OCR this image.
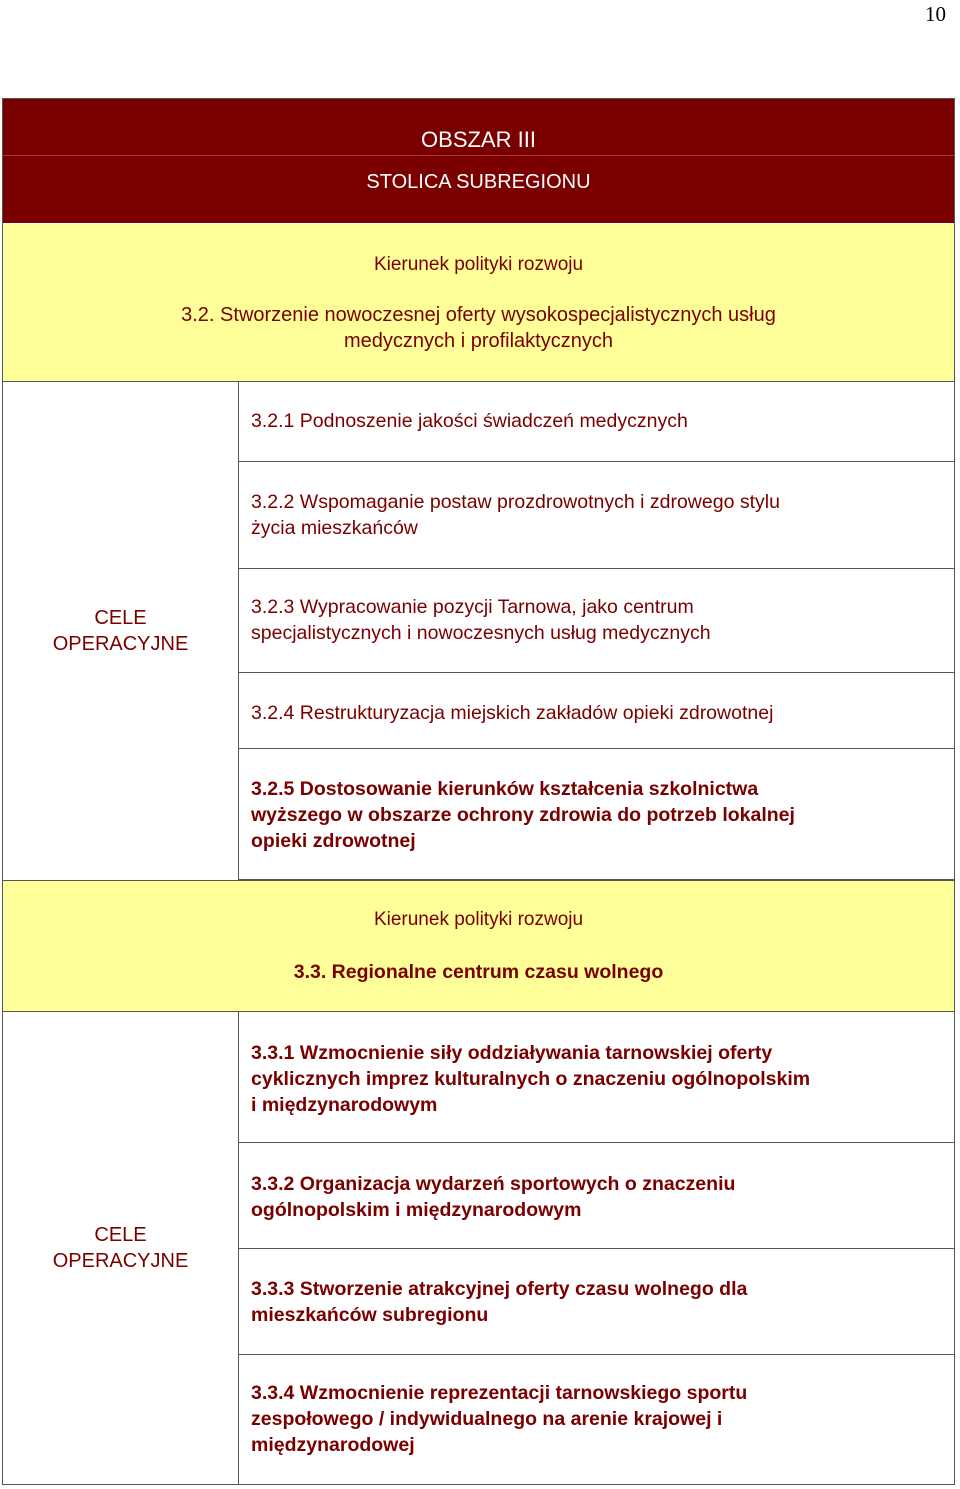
10
OBSZAR III
STOLICA SUBREGIONU
Kierunek polityki rozwoju
3.2. Stworzenie nowoczesnej oferty wysokospecjalistycznych usług
medycznych i profilaktycznych
CELE
OPERACYJNE
3.2.1 Podnoszenie jakości świadczeń medycznych
3.2.2 Wspomaganie postaw prozdrowotnych i zdrowego stylu
życia mieszkańców
3.2.3 Wypracowanie pozycji Tarnowa, jako centrum
specjalistycznych i nowoczesnych usług medycznych
3.2.4 Restrukturyzacja miejskich zakładów opieki zdrowotnej
3.2.5 Dostosowanie kierunków kształcenia szkolnictwa
wyższego w obszarze ochrony zdrowia do potrzeb lokalnej
opieki zdrowotnej
Kierunek polityki rozwoju
3.3. Regionalne centrum czasu wolnego
CELE
OPERACYJNE
3.3.1 Wzmocnienie siły oddziaływania tarnowskiej oferty
cyklicznych imprez kulturalnych o znaczeniu ogólnopolskim
i międzynarodowym
3.3.2 Organizacja wydarzeń sportowych o znaczeniu
ogólnopolskim i międzynarodowym
3.3.3 Stworzenie atrakcyjnej oferty czasu wolnego dla
mieszkańców subregionu
3.3.4 Wzmocnienie reprezentacji tarnowskiego sportu
zespołowego / indywidualnego na arenie krajowej i
międzynarodowej
